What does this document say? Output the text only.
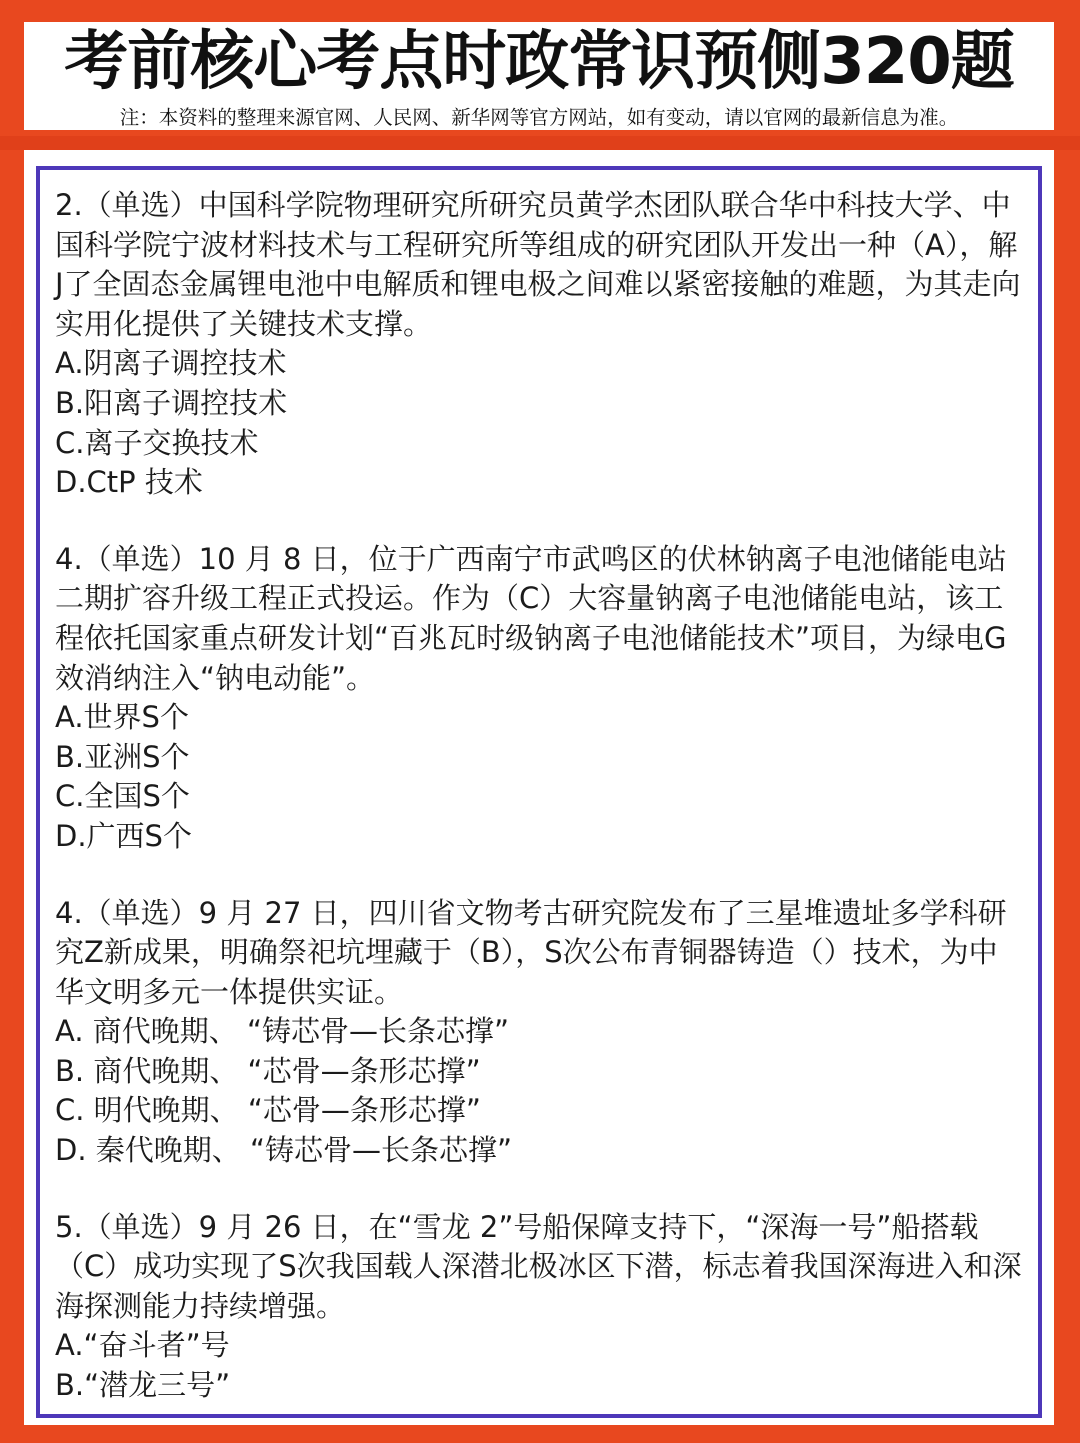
考前核心考点时政常识预侧320题
注：本资料的整理来源官网、人民网、新华网等官方网站，如有变动，请以官网的最新信息为准。
2.（单选）中国科学院物理研究所研究员黄学杰团队联合华中科技大学、中国科学院宁波材料技术与工程研究所等组成的研究团队开发出一种（A），解J了全固态金属锂电池中电解质和锂电极之间难以紧密接触的难题，为其走向实用化提供了关键技术支撑。
A.阴离子调控技术
B.阳离子调控技术
C.离子交换技术
D.CtP 技术
4.（单选）10 月 8 日，位于广西南宁市武鸣区的伏林钠离子电池储能电站二期扩容升级工程正式投运。作为（C）大容量钠离子电池储能电站，该工程依托国家重点研发计划“百兆瓦时级钠离子电池储能技术”项目，为绿电G效消纳注入“钠电动能”。
A.世界S个
B.亚洲S个
C.全国S个
D.广西S个
4.（单选）9 月 27 日，四川省文物考古研究院发布了三星堆遗址多学科研究Z新成果，明确祭祀坑埋藏于（B），S次公布青铜器铸造（）技术，为中华文明多元一体提供实证。
A. 商代晚期、 “铸芯骨—长条芯撑”
B. 商代晚期、 “芯骨—条形芯撑”
C. 明代晚期、 “芯骨—条形芯撑”
D. 秦代晚期、 “铸芯骨—长条芯撑”
5.（单选）9 月 26 日，在“雪龙 2”号船保障支持下，“深海一号”船搭载（C）成功实现了S次我国载人深潜北极冰区下潜，标志着我国深海进入和深海探测能力持续增强。
A.“奋斗者”号
B.“潜龙三号”
